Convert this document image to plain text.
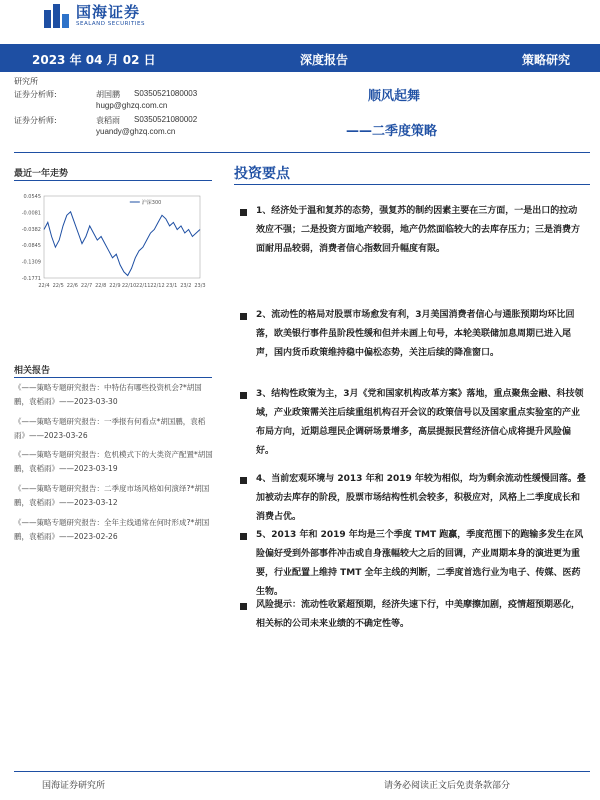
国海证券
SEALAND SECURITIES
2023 年 04 月 02 日	深度报告	策略研究
研究所
证券分析师:	胡国鹏 S0350521080003
hugp@ghzq.com.cn
证券分析师:	袁稻雨 S0350521080002
yuandy@ghzq.com.cn
顺风起舞
——二季度策略
最近一年走势
0.0545
-0.0081
-0.0382
-0.0845
-0.1309
-0.1771
22/4 22/5 22/6 22/7 22/8 22/9 22/10 22/11 22/12 23/1 23/2 23/3
沪深300
相关报告
《——策略专题研究报告：中特估有哪些投资机会?*胡国鹏，袁稻雨》——2023-03-30
《——策略专题研究报告：一季报有何看点*胡国鹏，袁稻雨》——2023-03-26
《——策略专题研究报告：危机模式下的大类资产配置*胡国鹏，袁稻雨》——2023-03-19
《——策略专题研究报告：二季度市场风格如何演绎?*胡国鹏，袁稻雨》——2023-03-12
《——策略专题研究报告：全年主线通常在何时形成?*胡国鹏，袁稻雨》——2023-02-26
投资要点
1、经济处于温和复苏的态势，强复苏的制约因素主要在三方面，一是出口的拉动效应不强；二是投资方面地产较弱，地产仍然面临较大的去库存压力；三是消费方面耐用品较弱，消费者信心指数回升幅度有限。
2、流动性的格局对股票市场愈发有利，3月美国消费者信心与通胀预期均环比回落，欧美银行事件虽阶段性缓和但并未画上句号，本轮美联储加息周期已进入尾声，国内货币政策维持稳中偏松态势，关注后续的降准窗口。
3、结构性政策为主，3月《党和国家机构改革方案》落地，重点聚焦金融、科技领域，产业政策需关注后续重组机构召开会议的政策信号以及国家重点实验室的产业布局方向，近期总理民企调研场景增多，高层提振民营经济信心成将提升风险偏好。
4、当前宏观环境与 2013 年和 2019 年较为相似，均为剩余流动性缓慢回落。叠加被动去库存的阶段，股票市场结构性机会较多，积极应对，风格上二季度成长和消费占优。
5、2013 年和 2019 年均是三个季度 TMT 跑赢，季度范围下的跑输多发生在风险偏好受到外部事件冲击或自身涨幅较大之后的回调，产业周期本身的演进更为重要，行业配置上维持 TMT 全年主线的判断，二季度首选行业为电子、传媒、医药生物。
风险提示：流动性收紧超预期，经济失速下行，中美摩擦加剧，疫情超预期恶化，相关标的公司未来业绩的不确定性等。
国海证券研究所	请务必阅读正文后免责条款部分
